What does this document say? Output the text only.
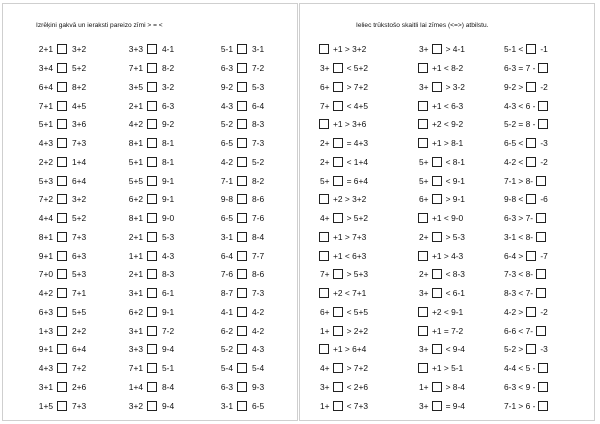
Izrēķini gakvā un ieraksti pareizo zīmi > = <
2+1 3+2
3+4 5+2
6+4 8+2
7+1 4+5
5+1 3+6
4+3 7+3
2+2 1+4
5+3 6+4
7+2 3+2
4+4 5+2
8+1 7+3
9+1 6+3
7+0 5+3
4+2 7+1
6+3 5+5
1+3 2+2
9+1 6+4
4+3 7+2
3+1 2+6
1+5 7+3
3+3 4-1
7+1 8-2
3+5 3-2
2+1 6-3
4+2 9-2
8+1 8-1
5+1 8-1
5+5 9-1
6+2 9-1
8+1 9-0
2+1 5-3
1+1 4-3
2+1 8-3
3+1 6-1
6+2 9-1
3+1 7-2
3+3 9-4
7+1 5-1
1+4 8-4
3+2 9-4
5-1 3-1
6-3 7-2
9-2 5-3
4-3 6-4
5-2 8-3
6-5 7-3
4-2 5-2
7-1 8-2
9-8 8-6
6-5 7-6
3-1 8-4
6-4 7-7
7-6 8-6
8-7 7-3
4-1 4-2
6-2 4-2
5-2 4-3
5-4 5-4
6-3 9-3
3-1 6-5
Ieliec trūkstošo skaitli lai zīmes (<=>) atbilstu.
+1 > 3+2
3+ < 5+2
6+ > 7+2
7+ < 4+5
+1 > 3+6
2+ = 4+3
2+ < 1+4
5+ = 6+4
+2 > 3+2
4+ > 5+2
+1 > 7+3
+1 < 6+3
7+ > 5+3
+2 < 7+1
6+ < 5+5
1+ > 2+2
+1 > 6+4
4+ > 7+2
3+ < 2+6
1+ < 7+3
3+ > 4-1
+1 < 8-2
3+ > 3-2
+1 < 6-3
+2 < 9-2
+1 > 8-1
5+ < 8-1
5+ < 9-1
6+ > 9-1
+1 < 9-0
2+ > 5-3
+1 > 4-3
2+ < 8-3
3+ < 6-1
+2 < 9-1
+1 = 7-2
3+ < 9-4
+1 > 5-1
1+ > 8-4
3+ = 9-4
5-1 < -1
6-3 = 7 -
9-2 > -2
4-3 < 6 -
5-2 = 8 -
6-5 < -3
4-2 < -2
7-1 > 8-
9-8 < -6
6-3 > 7-
3-1 < 8-
6-4 > -7
7-3 < 8-
8-3 < 7-
4-2 > -2
6-6 < 7-
5-2 > -3
4-4 < 5 -
6-3 < 9 -
7-1 > 6 -
